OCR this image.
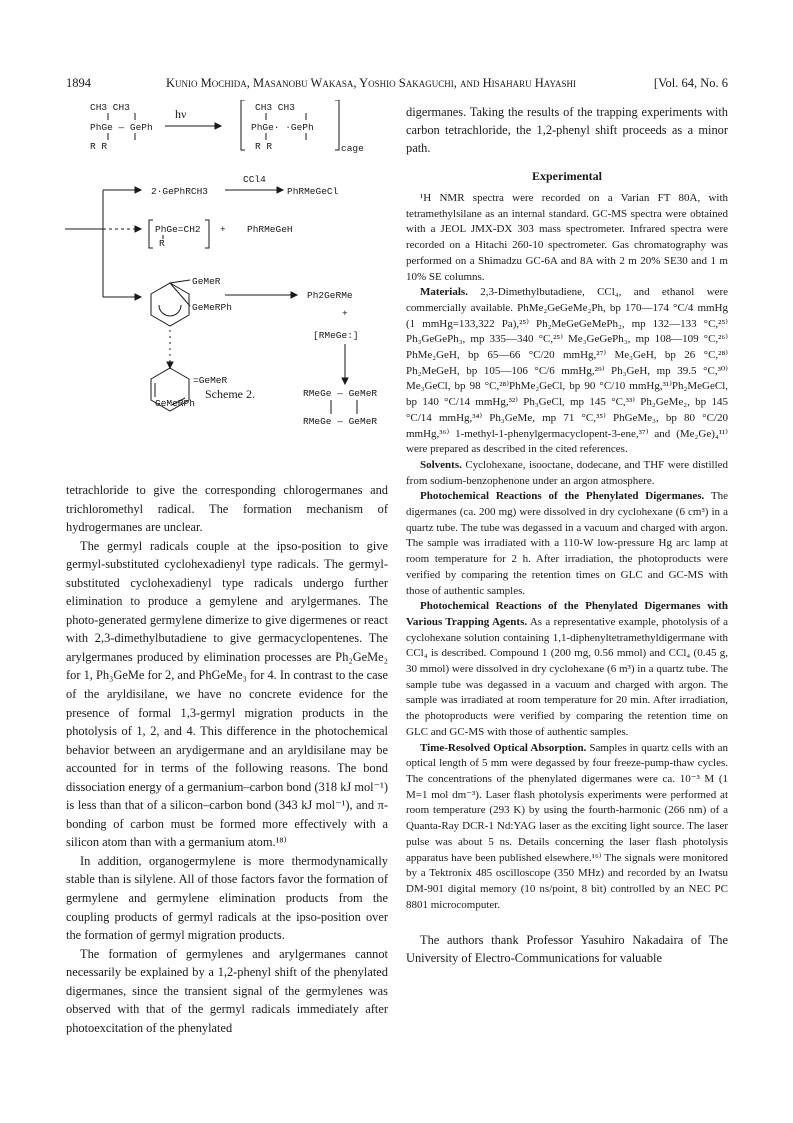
1894	Kunio Mochida, Masanobu Wakasa, Yoshio Sakaguchi, and Hisaharu Hayashi	[Vol. 64, No. 6
CH3 CH3
PhGe — GePh
R R
hν	CH3 CH3
PhGe· ·GePh
R R	cage
CCl4
2·GePhRCH3	PhRMeGeCl
PhGe=CH2
R
+ PhRMeGeH
GeMeR
GeMeRPh
Ph2GeRMe
+
[RMeGe:]
=GeMeR
GeMeRPh
RMeGe — GeMeR
RMeGe — GeMeR
Scheme 2.

tetrachloride to give the corresponding chlorogermanes and trichloromethyl radical. The formation mechanism of hydrogermanes are unclear.

The germyl radicals couple at the ipso-position to give germyl-substituted cyclohexadienyl type radicals. The germyl-substituted cyclohexadienyl type radicals undergo further elimination to produce a gemylene and arylgermanes. The photo-generated germylene dimerize to give digermenes or react with 2,3-dimethylbutadiene to give germacyclopentenes. The arylgermanes produced by elimination processes are Ph₂GeMe₂ for 1, Ph₃GeMe for 2, and PhGeMe₃ for 4. In contrast to the case of the aryldisilane, we have no concrete evidence for the presence of formal 1,3-germyl migration products in the photolysis of 1, 2, and 4. This difference in the photochemical behavior between an arydigermane and an aryldisilane may be accounted for in terms of the following reasons. The bond dissociation energy of a germanium–carbon bond (318 kJ mol⁻¹) is less than that of a silicon–carbon bond (343 kJ mol⁻¹), and π-bonding of carbon must be formed more effectively with a silicon atom than with a germanium atom.¹⁸⁾

In addition, organogermylene is more thermodynamically stable than is silylene. All of those factors favor the formation of germylene and germylene elimination products from the coupling products of germyl radicals at the ipso-position over the formation of germyl migration products.

The formation of germylenes and arylgermanes cannot necessarily be explained by a 1,2-phenyl shift of the phenylated digermanes, since the transient signal of the germylenes was observed with that of the germyl radicals immediately after photoexcitation of the phenylated

digermanes. Taking the results of the trapping experiments with carbon tetrachloride, the 1,2-phenyl shift proceeds as a minor path.

Experimental

¹H NMR spectra were recorded on a Varian FT 80A, with tetramethylsilane as an internal standard. GC-MS spectra were obtained with a JEOL JMX-DX 303 mass spectrometer. Infrared spectra were recorded on a Hitachi 260-10 spectrometer. Gas chromatography was performed on a Shimadzu GC-6A and 8A with 2 m 20% SE30 and 1 m 10% SE columns.

Materials. 2,3-Dimethylbutadiene, CCl₄, and ethanol were commercially available. PhMe₂GeGeMe₂Ph, bp 170—174 °C/4 mmHg (1 mmHg=133,322 Pa),²⁵⁾ Ph₂MeGeGeMePh₂, mp 132—133 °C,²⁵⁾ Ph₃GeGePh₃, mp 335—340 °C,²⁵⁾ Me₃GeGePh₃, mp 108—109 °C,²⁶⁾ PhMe₂GeH, bp 65—66 °C/20 mmHg,²⁷⁾ Me₃GeH, bp 26 °C,²⁸⁾ Ph₂MeGeH, bp 105—106 °C/6 mmHg,²⁹⁾ Ph₃GeH, mp 39.5 °C,³⁰⁾ Me₃GeCl, bp 98 °C,²⁸⁾PhMe₂GeCl, bp 90 °C/10 mmHg,³¹⁾Ph₂MeGeCl, bp 140 °C/14 mmHg,³²⁾ Ph₃GeCl, mp 145 °C,³³⁾ Ph₂GeMe₂, bp 145 °C/14 mmHg,³⁴⁾ Ph₃GeMe, mp 71 °C,³⁵⁾ PhGeMe₃, bp 80 °C/20 mmHg,³⁶⁾ 1-methyl-1-phenylgermacyclopent-3-ene,³⁷⁾ and (Me₂Ge)₄¹¹⁾ were prepared as described in the cited references.

Solvents. Cyclohexane, isooctane, dodecane, and THF were distilled from sodium-benzophenone under an argon atmosphere.

Photochemical Reactions of the Phenylated Digermanes. The digermanes (ca. 200 mg) were dissolved in dry cyclohexane (6 cm³) in a quartz tube. The tube was degassed in a vacuum and charged with argon. The sample was irradiated with a 110-W low-pressure Hg arc lamp at room temperature for 2 h. After irradiation, the photoproducts were verified by comparing the retention times on GLC and GC-MS with those of authentic samples.

Photochemical Reactions of the Phenylated Digermanes with Various Trapping Agents. As a representative example, photolysis of a cyclohexane solution containing 1,1-diphenyltetramethyldigermane with CCl₄ is described. Compound 1 (200 mg, 0.56 mmol) and CCl₄ (0.45 g, 30 mmol) were dissolved in dry cyclohexane (6 m³) in a quartz tube. The sample tube was degassed in a vacuum and charged with argon. The sample was irradiated at room temperature for 20 min. After irradiation, the photoproducts were verified by comparing the retention time on GLC and GC-MS with those of authentic samples.

Time-Resolved Optical Absorption. Samples in quartz cells with an optical length of 5 mm were degassed by four freeze-pump-thaw cycles. The concentrations of the phenylated digermanes were ca. 10⁻³ M (1 M=1 mol dm⁻³). Laser flash photolysis experiments were performed at room temperature (293 K) by using the fourth-harmonic (266 nm) of a Quanta-Ray DCR-1 Nd:YAG laser as the exciting light source. The laser pulse was about 5 ns. Details concerning the laser flash photolysis apparatus have been published elsewhere.¹⁶⁾ The signals were monitored by a Tektronix 485 oscilloscope (350 MHz) and recorded by an Iwatsu DM-901 digital memory (10 ns/point, 8 bit) controlled by an NEC PC 8801 microcomputer.

The authors thank Professor Yasuhiro Nakadaira of The University of Electro-Communications for valuable
